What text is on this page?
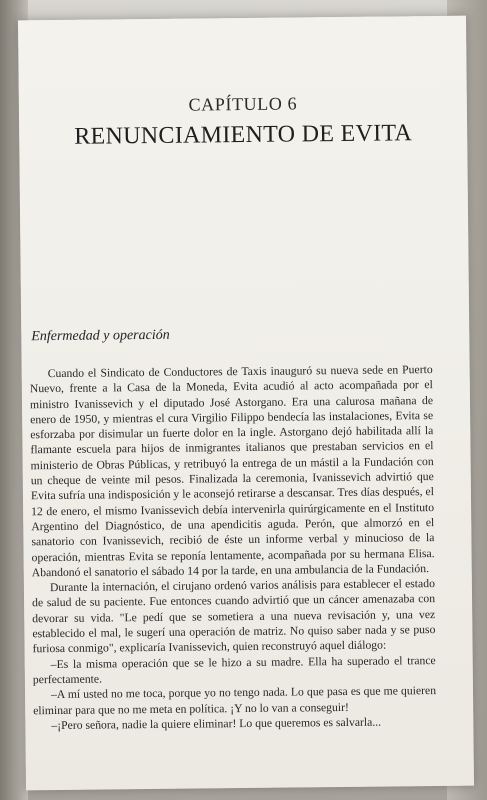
CAPÍTULO 6
RENUNCIAMIENTO DE EVITA
Enfermedad y operación

Cuando el Sindicato de Conductores de Taxis inauguró su nueva sede en Puerto Nuevo, frente a la Casa de la Moneda, Evita acudió al acto acompañada por el ministro Ivanissevich y el diputado José Astorgano. Era una calurosa mañana de enero de 1950, y mientras el cura Virgilio Filippo bendecía las instalaciones, Evita se esforzaba por disimular un fuerte dolor en la ingle. Astorgano dejó habilitada allí la flamante escuela para hijos de inmigrantes italianos que prestaban servicios en el ministerio de Obras Públicas, y retribuyó la entrega de un mástil a la Fundación con un cheque de veinte mil pesos. Finalizada la ceremonia, Ivanissevich advirtió que Evita sufría una indisposición y le aconsejó retirarse a descansar. Tres días después, el 12 de enero, el mismo Ivanissevich debía intervenirla quirúrgicamente en el Instituto Argentino del Diagnóstico, de una apendicitis aguda. Perón, que almorzó en el sanatorio con Ivanissevich, recibió de éste un informe verbal y minucioso de la operación, mientras Evita se reponía lentamente, acompañada por su hermana Elisa. Abandonó el sanatorio el sábado 14 por la tarde, en una ambulancia de la Fundación.

Durante la internación, el cirujano ordenó varios análisis para establecer el estado de salud de su paciente. Fue entonces cuando advirtió que un cáncer amenazaba con devorar su vida. "Le pedí que se sometiera a una nueva revisación y, una vez establecido el mal, le sugerí una operación de matriz. No quiso saber nada y se puso furiosa conmigo", explicaría Ivanissevich, quien reconstruyó aquel diálogo:

–Es la misma operación que se le hizo a su madre. Ella ha superado el trance perfectamente.

–A mí usted no me toca, porque yo no tengo nada. Lo que pasa es que me quieren eliminar para que no me meta en política. ¡Y no lo van a conseguir!

–¡Pero señora, nadie la quiere eliminar! Lo que queremos es salvarla...
